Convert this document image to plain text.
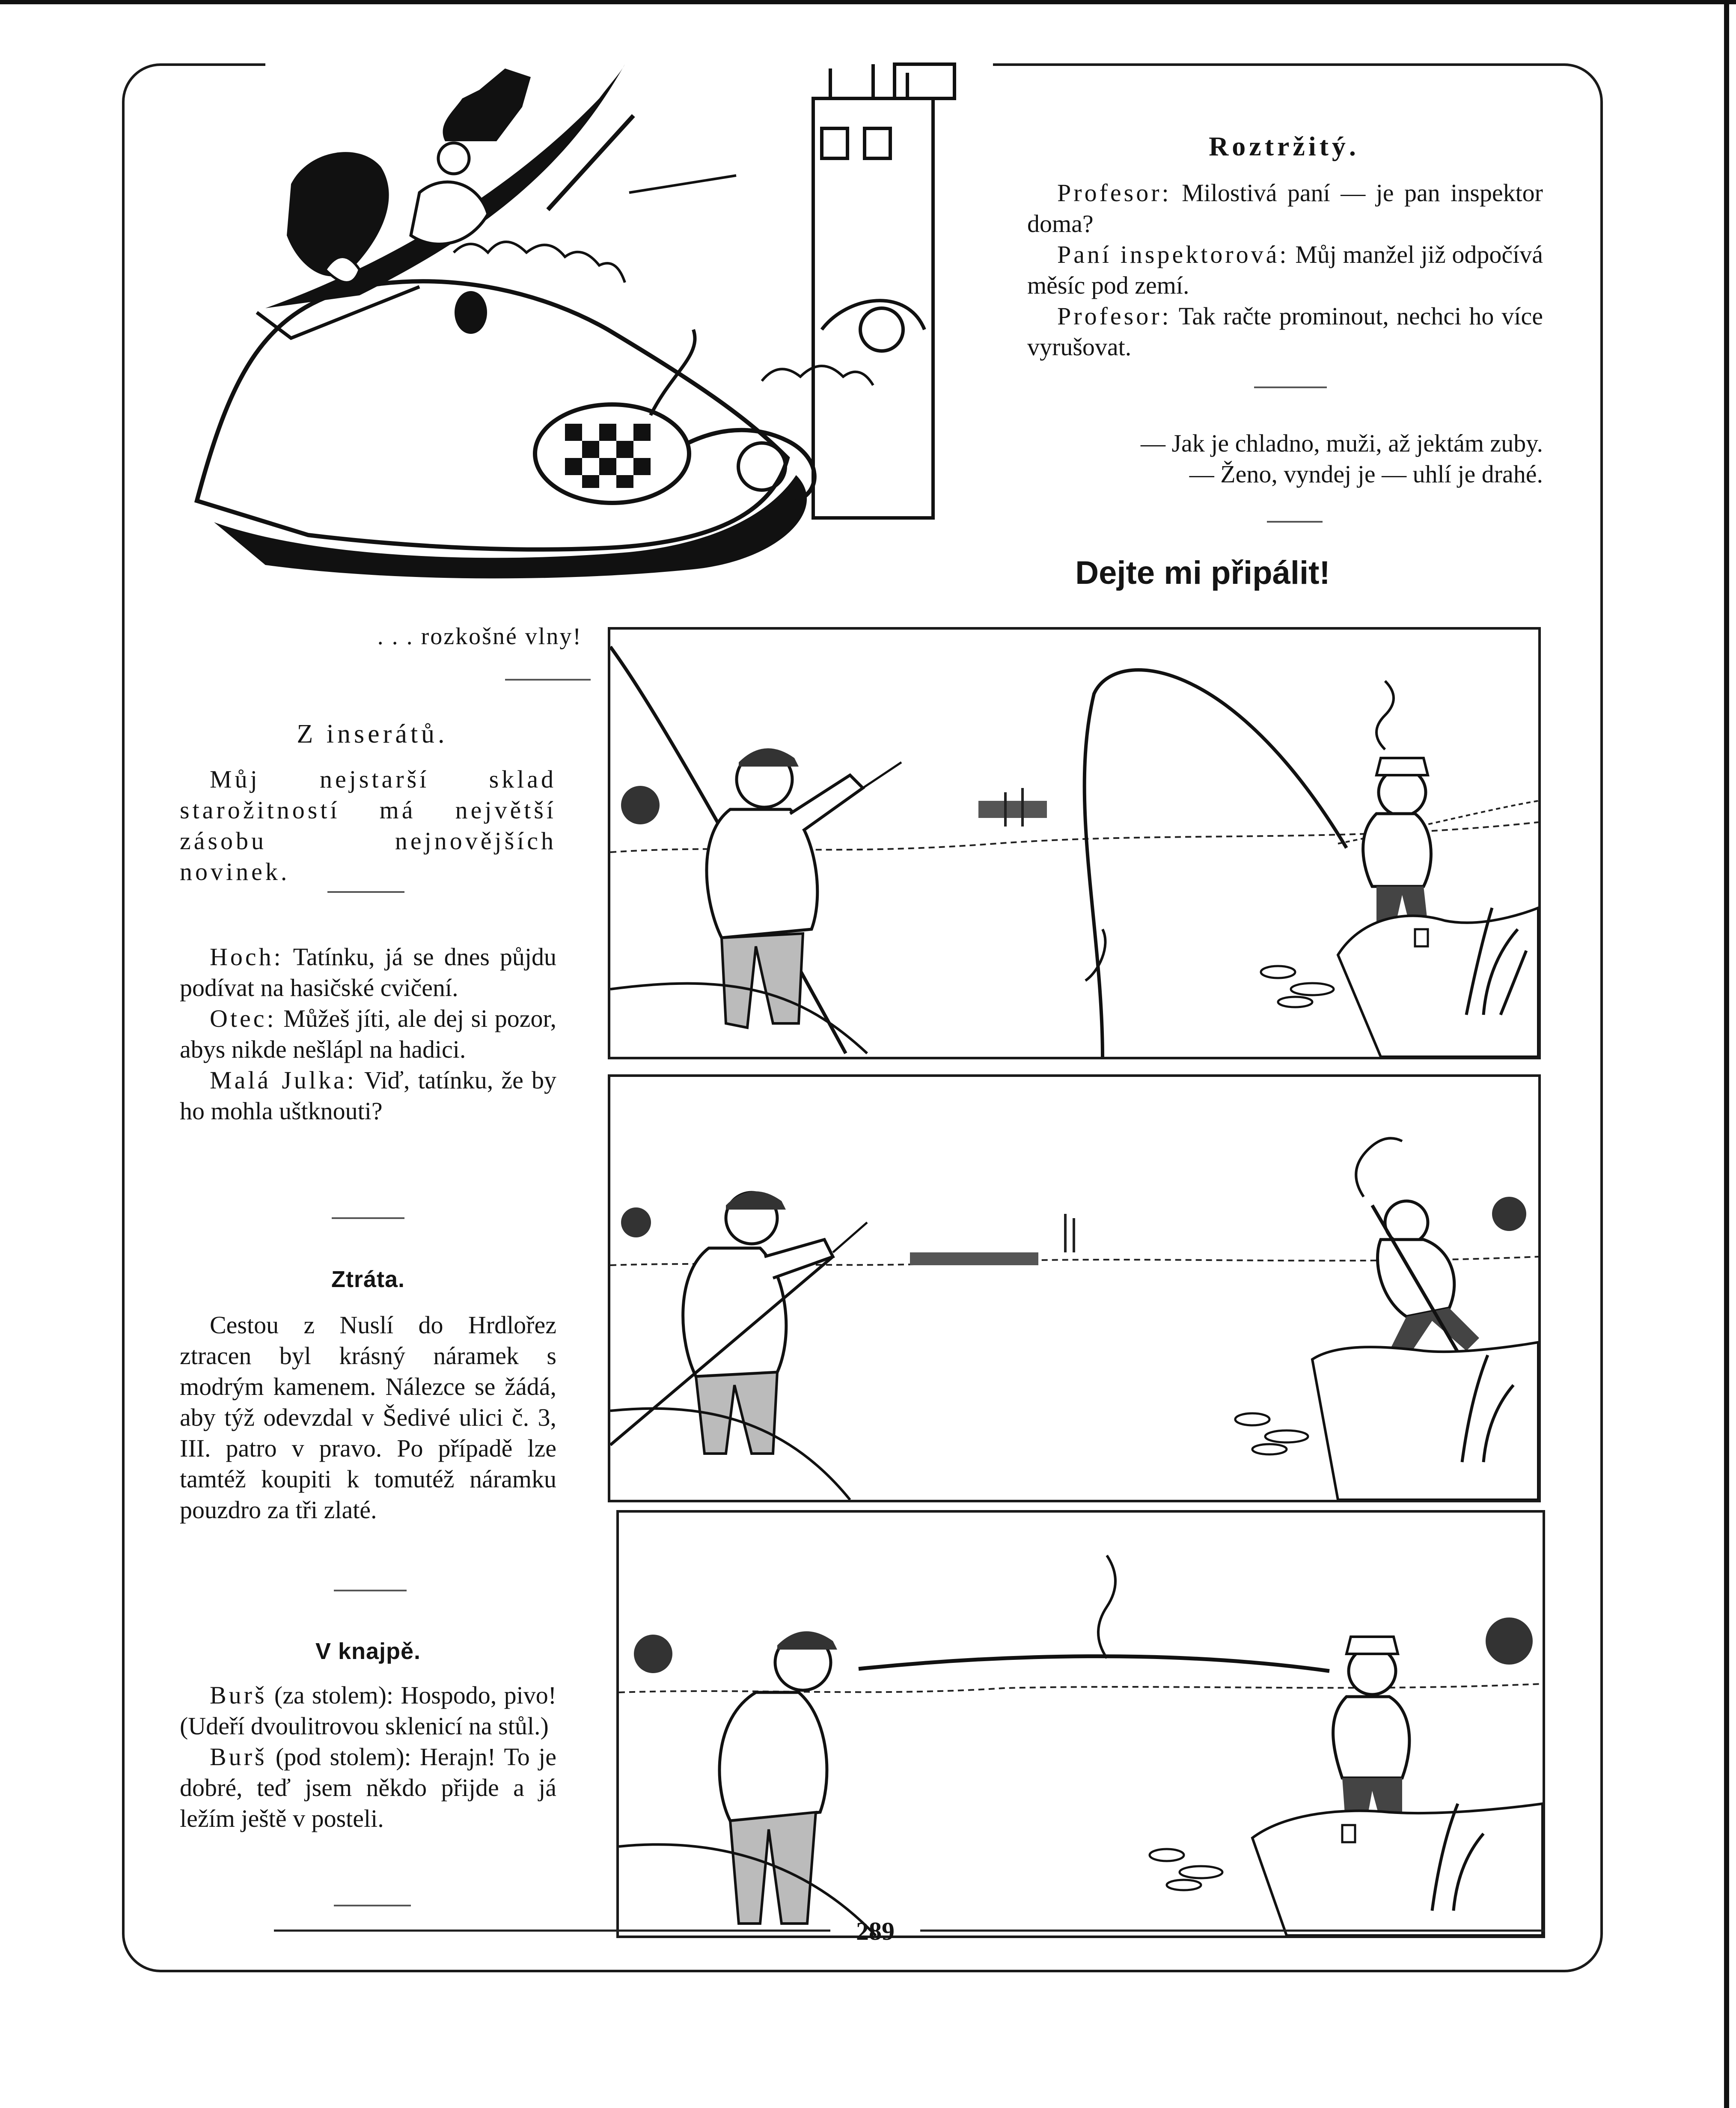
. . . rozkošné vlny!
Roztržitý.

Profesor: Milostivá paní — je pan inspektor doma?

Paní inspektorová: Můj manžel již odpočívá měsíc pod zemí.

Profesor: Tak račte prominout, nechci ho více vyrušovat.

— Jak je chladno, muži, až jektám zuby.
— Ženo, vyndej je — uhlí je drahé.
Dejte mi připálit!
Z inserátů.
Můj nejstarší sklad starožitností má největší zásobu nejnovějších novinek.

Hoch: Tatínku, já se dnes půjdu podívat na hasičské cvičení.

Otec: Můžeš jíti, ale dej si pozor, abys nikde nešlápl na hadici.

Malá Julka: Viď, tatínku, že by ho mohla uštknouti?

Ztráta.
Cestou z Nuslí do Hrdlořez ztracen byl krásný náramek s modrým kamenem. Nálezce se žádá, aby týž odevzdal v Šedivé ulici č. 3, III. patro v pravo. Po případě lze tamtéž koupiti k tomutéž náramku pouzdro za tři zlaté.
V knajpě.

Burš (za stolem): Hospodo, pivo! (Udeří dvoulitrovou sklenicí na stůl.)

Burš (pod stolem): Herajn! To je dobré, teď jsem někdo přijde a já ležím ještě v posteli.

289
